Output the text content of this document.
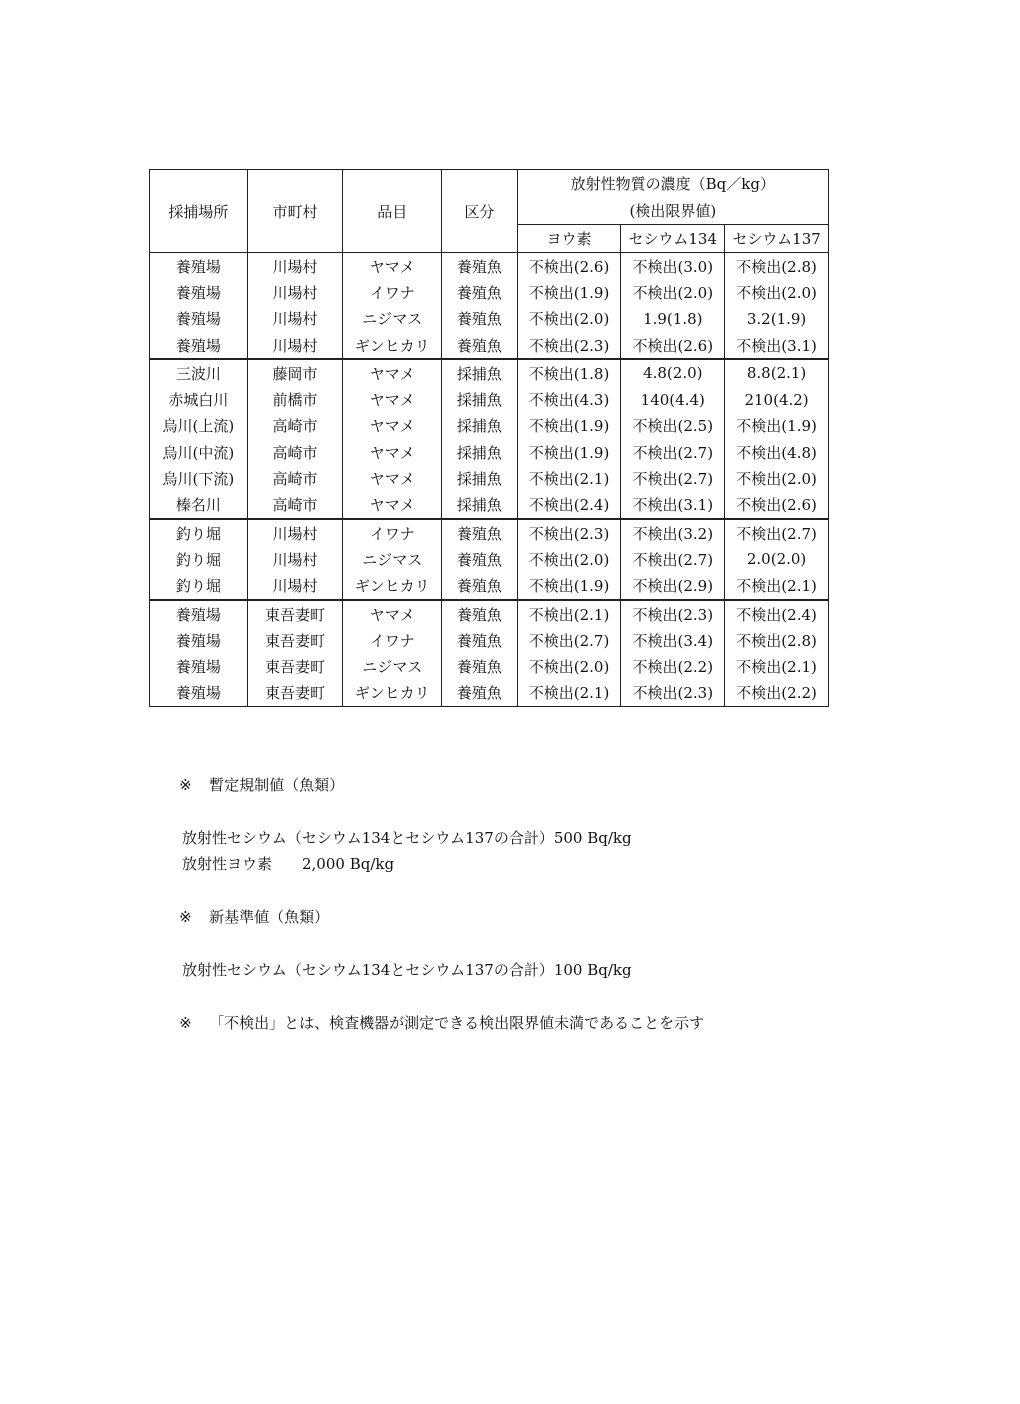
採捕場所	市町村	品目	区分	放射性物質の濃度（Bq／kg）		
				(検出限界値)		
				ヨウ素	セシウム134	セシウム137
養殖場	川場村	ヤマメ	養殖魚	不検出(2.6)	不検出(3.0)	不検出(2.8)
養殖場	川場村	イワナ	養殖魚	不検出(1.9)	不検出(2.0)	不検出(2.0)
養殖場	川場村	ニジマス	養殖魚	不検出(2.0)	1.9(1.8)	3.2(1.9)
養殖場	川場村	ギンヒカリ	養殖魚	不検出(2.3)	不検出(2.6)	不検出(3.1)
三波川	藤岡市	ヤマメ	採捕魚	不検出(1.8)	4.8(2.0)	8.8(2.1)
赤城白川	前橋市	ヤマメ	採捕魚	不検出(4.3)	140(4.4)	210(4.2)
烏川(上流)	高崎市	ヤマメ	採捕魚	不検出(1.9)	不検出(2.5)	不検出(1.9)
烏川(中流)	高崎市	ヤマメ	採捕魚	不検出(1.9)	不検出(2.7)	不検出(4.8)
烏川(下流)	高崎市	ヤマメ	採捕魚	不検出(2.1)	不検出(2.7)	不検出(2.0)
榛名川	高崎市	ヤマメ	採捕魚	不検出(2.4)	不検出(3.1)	不検出(2.6)
釣り堀	川場村	イワナ	養殖魚	不検出(2.3)	不検出(3.2)	不検出(2.7)
釣り堀	川場村	ニジマス	養殖魚	不検出(2.0)	不検出(2.7)	2.0(2.0)
釣り堀	川場村	ギンヒカリ	養殖魚	不検出(1.9)	不検出(2.9)	不検出(2.1)
養殖場	東吾妻町	ヤマメ	養殖魚	不検出(2.1)	不検出(2.3)	不検出(2.4)
養殖場	東吾妻町	イワナ	養殖魚	不検出(2.7)	不検出(3.4)	不検出(2.8)
養殖場	東吾妻町	ニジマス	養殖魚	不検出(2.0)	不検出(2.2)	不検出(2.1)
養殖場	東吾妻町	ギンヒカリ	養殖魚	不検出(2.1)	不検出(2.3)	不検出(2.2)

※ 暫定規制値（魚類）

放射性セシウム（セシウム134とセシウム137の合計）500 Bq/kg
放射性ヨウ素　　2,000 Bq/kg

※ 新基準値（魚類）

放射性セシウム（セシウム134とセシウム137の合計）100 Bq/kg

※ 「不検出」とは、検査機器が測定できる検出限界値未満であることを示す
